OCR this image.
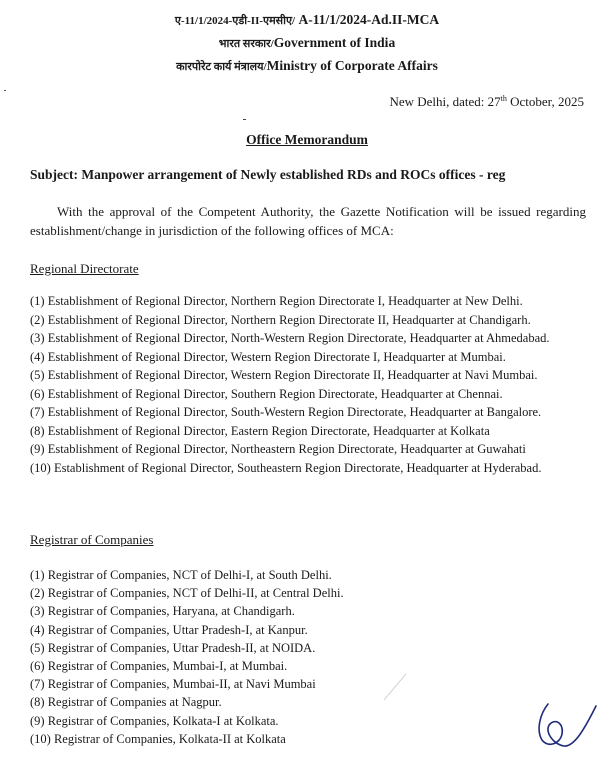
ए-11/1/2024-एडी-II-एमसीए/ A-11/1/2024-Ad.II-MCA
भारत सरकार/Government of India
कारपोरेट कार्य मंत्रालय/Ministry of Corporate Affairs
New Delhi, dated: 27th October, 2025
Office Memorandum
Subject: Manpower arrangement of Newly established RDs and ROCs offices - reg
With the approval of the Competent Authority, the Gazette Notification will be issued regarding establishment/change in jurisdiction of the following offices of MCA:
Regional Directorate
(1) Establishment of Regional Director, Northern Region Directorate I, Headquarter at New Delhi.
(2) Establishment of Regional Director, Northern Region Directorate II, Headquarter at Chandigarh.
(3) Establishment of Regional Director, North-Western Region Directorate, Headquarter at Ahmedabad.
(4) Establishment of Regional Director, Western Region Directorate I, Headquarter at Mumbai.
(5) Establishment of Regional Director, Western Region Directorate II, Headquarter at Navi Mumbai.
(6) Establishment of Regional Director, Southern Region Directorate, Headquarter at Chennai.
(7) Establishment of Regional Director, South-Western Region Directorate, Headquarter at Bangalore.
(8) Establishment of Regional Director, Eastern Region Directorate, Headquarter at Kolkata
(9) Establishment of Regional Director, Northeastern Region Directorate, Headquarter at Guwahati
(10) Establishment of Regional Director, Southeastern Region Directorate, Headquarter at Hyderabad.
Registrar of Companies
(1) Registrar of Companies, NCT of Delhi-I, at South Delhi.
(2) Registrar of Companies, NCT of Delhi-II, at Central Delhi.
(3) Registrar of Companies, Haryana, at Chandigarh.
(4) Registrar of Companies, Uttar Pradesh-I, at Kanpur.
(5) Registrar of Companies, Uttar Pradesh-II, at NOIDA.
(6) Registrar of Companies, Mumbai-I, at Mumbai.
(7) Registrar of Companies, Mumbai-II, at Navi Mumbai
(8) Registrar of Companies at Nagpur.
(9) Registrar of Companies, Kolkata-I at Kolkata.
(10) Registrar of Companies, Kolkata-II at Kolkata
